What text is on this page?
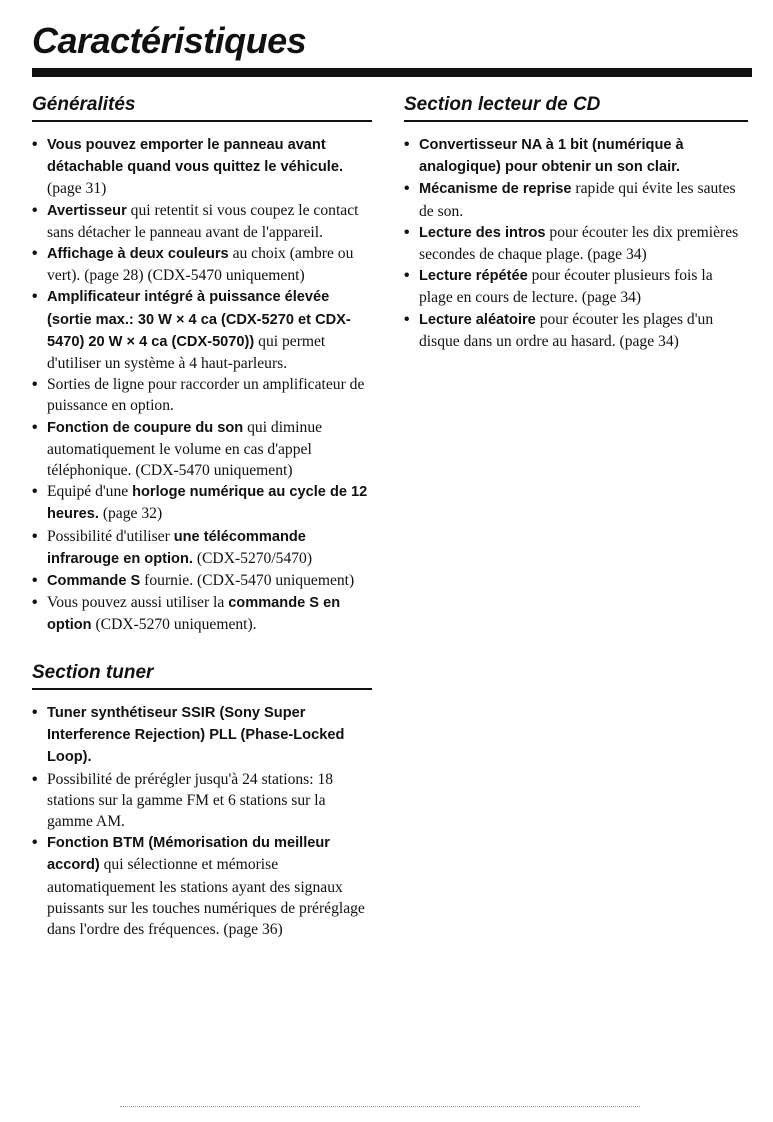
Caractéristiques
Généralités
• Vous pouvez emporter le panneau avant détachable quand vous quittez le véhicule. (page 31)
• Avertisseur qui retentit si vous coupez le contact sans détacher le panneau avant de l'appareil.
• Affichage à deux couleurs au choix (ambre ou vert). (page 28) (CDX-5470 uniquement)
• Amplificateur intégré à puissance élevée (sortie max.: 30 W × 4 ca (CDX-5270 et CDX-5470) 20 W × 4 ca (CDX-5070)) qui permet d'utiliser un système à 4 haut-parleurs.
• Sorties de ligne pour raccorder un amplificateur de puissance en option.
• Fonction de coupure du son qui diminue automatiquement le volume en cas d'appel téléphonique. (CDX-5470 uniquement)
• Equipé d'une horloge numérique au cycle de 12 heures. (page 32)
• Possibilité d'utiliser une télécommande infrarouge en option. (CDX-5270/5470)
• Commande S fournie. (CDX-5470 uniquement)
• Vous pouvez aussi utiliser la commande S en option (CDX-5270 uniquement).
Section tuner
• Tuner synthétiseur SSIR (Sony Super Interference Rejection) PLL (Phase-Locked Loop).
• Possibilité de prérégler jusqu'à 24 stations: 18 stations sur la gamme FM et 6 stations sur la gamme AM.
• Fonction BTM (Mémorisation du meilleur accord) qui sélectionne et mémorise automatiquement les stations ayant des signaux puissants sur les touches numériques de préréglage dans l'ordre des fréquences. (page 36)
Section lecteur de CD
• Convertisseur NA à 1 bit (numérique à analogique) pour obtenir un son clair.
• Mécanisme de reprise rapide qui évite les sautes de son.
• Lecture des intros pour écouter les dix premières secondes de chaque plage. (page 34)
• Lecture répétée pour écouter plusieurs fois la plage en cours de lecture. (page 34)
• Lecture aléatoire pour écouter les plages d'un disque dans un ordre au hasard. (page 34)
